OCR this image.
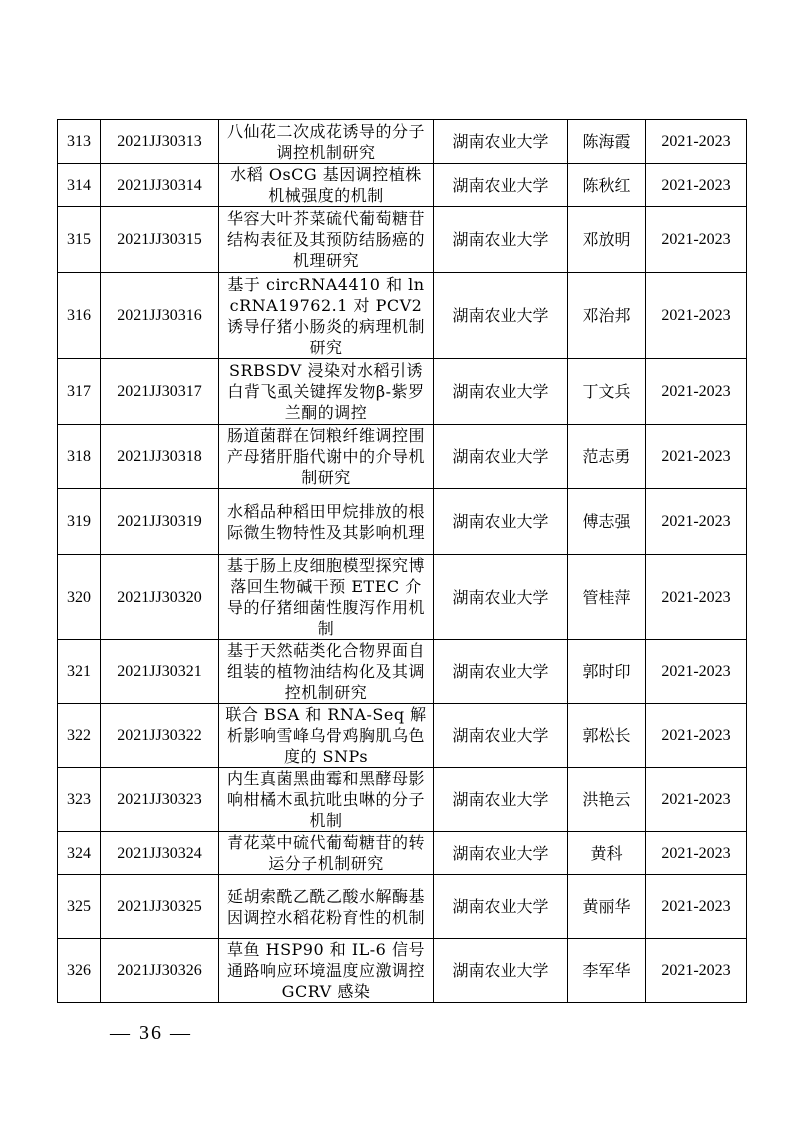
313	2021JJ30313	八仙花二次成花诱导的分子调控机制研究	湖南农业大学	陈海霞	2021-2023
314	2021JJ30314	水稻 OsCG 基因调控植株机械强度的机制	湖南农业大学	陈秋红	2021-2023
315	2021JJ30315	华容大叶芥菜硫代葡萄糖苷结构表征及其预防结肠癌的机理研究	湖南农业大学	邓放明	2021-2023
316	2021JJ30316	基于 circRNA4410 和 lncRNA19762.1 对 PCV2 诱导仔猪小肠炎的病理机制研究	湖南农业大学	邓治邦	2021-2023
317	2021JJ30317	SRBSDV 浸染对水稻引诱白背飞虱关键挥发物β-紫罗兰酮的调控	湖南农业大学	丁文兵	2021-2023
318	2021JJ30318	肠道菌群在饲粮纤维调控围产母猪肝脂代谢中的介导机制研究	湖南农业大学	范志勇	2021-2023
319	2021JJ30319	水稻品种稻田甲烷排放的根际微生物特性及其影响机理	湖南农业大学	傅志强	2021-2023
320	2021JJ30320	基于肠上皮细胞模型探究博落回生物碱干预 ETEC 介导的仔猪细菌性腹泻作用机制	湖南农业大学	管桂萍	2021-2023
321	2021JJ30321	基于天然萜类化合物界面自组装的植物油结构化及其调控机制研究	湖南农业大学	郭时印	2021-2023
322	2021JJ30322	联合 BSA 和 RNA-Seq 解析影响雪峰乌骨鸡胸肌乌色度的 SNPs	湖南农业大学	郭松长	2021-2023
323	2021JJ30323	内生真菌黑曲霉和黑酵母影响柑橘木虱抗吡虫啉的分子机制	湖南农业大学	洪艳云	2021-2023
324	2021JJ30324	青花菜中硫代葡萄糖苷的转运分子机制研究	湖南农业大学	黄科	2021-2023
325	2021JJ30325	延胡索酰乙酰乙酸水解酶基因调控水稻花粉育性的机制	湖南农业大学	黄丽华	2021-2023
326	2021JJ30326	草鱼 HSP90 和 IL-6 信号通路响应环境温度应激调控 GCRV 感染	湖南农业大学	李军华	2021-2023
— 36 —
